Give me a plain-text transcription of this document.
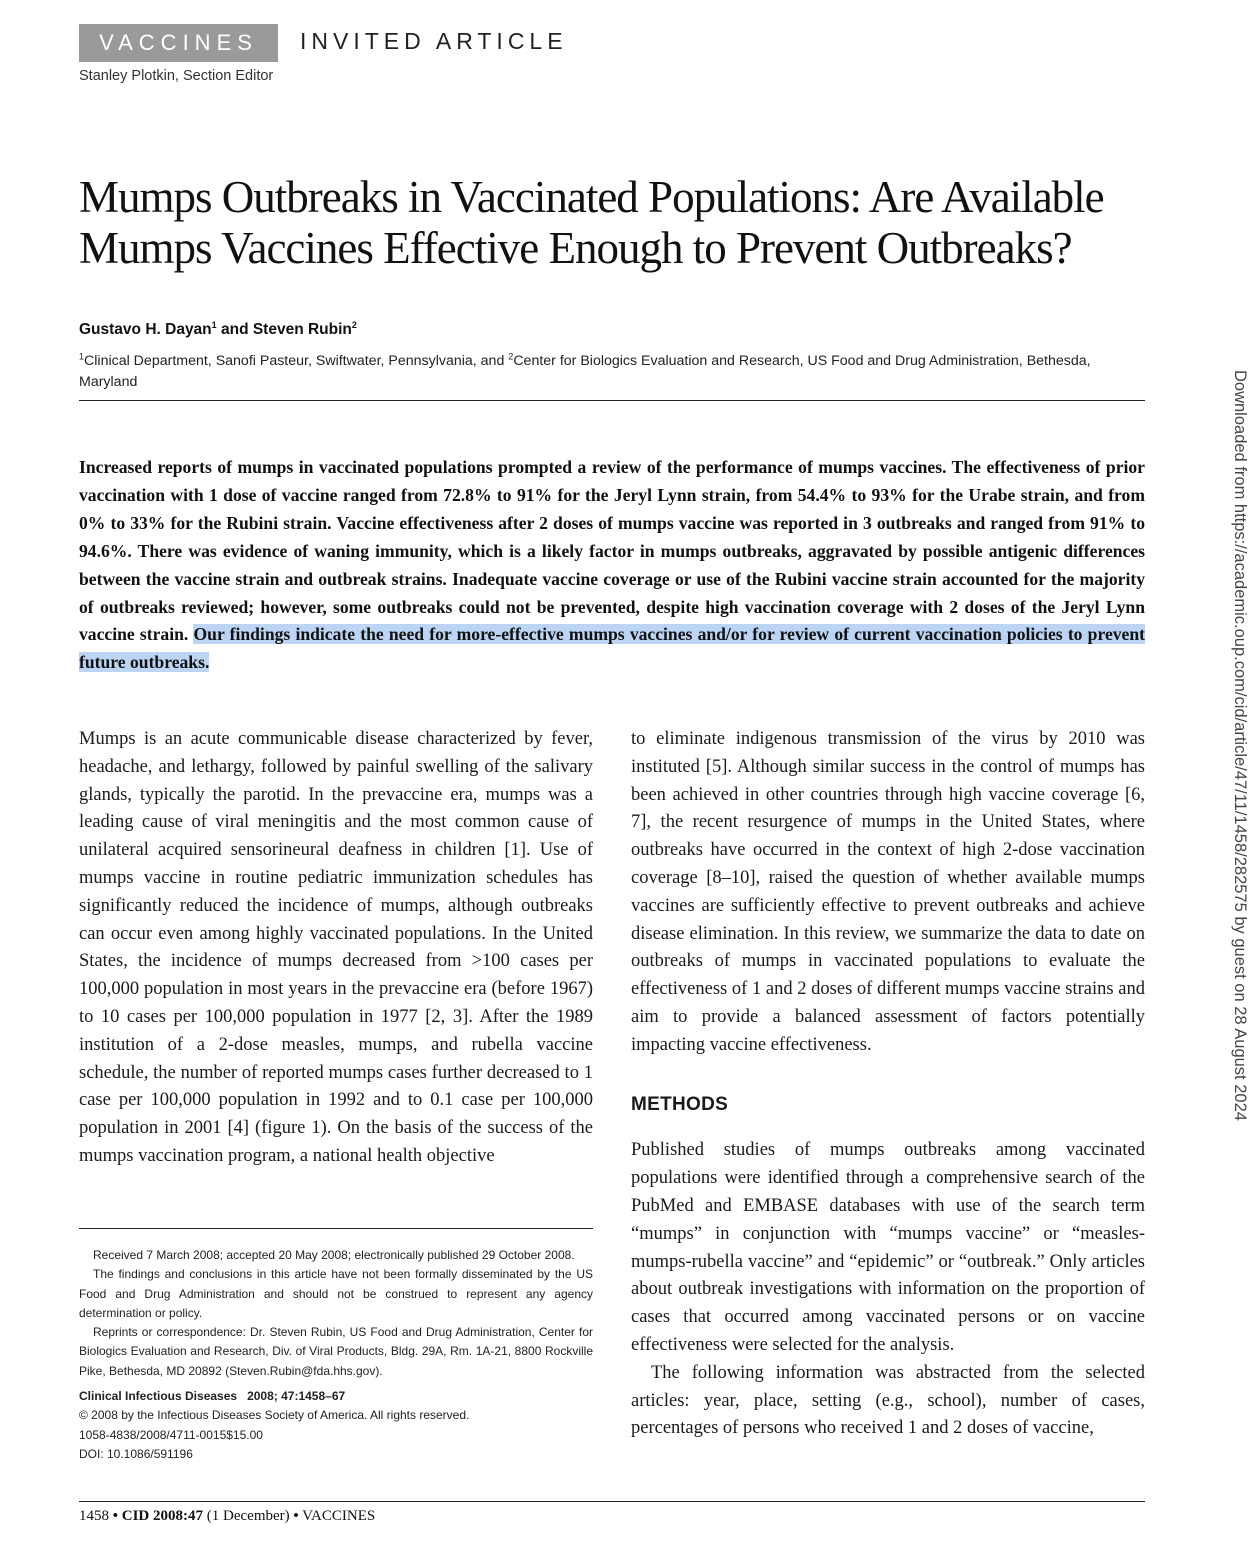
VACCINES	INVITED ARTICLE
Stanley Plotkin, Section Editor
Mumps Outbreaks in Vaccinated Populations: Are Available Mumps Vaccines Effective Enough to Prevent Outbreaks?
Gustavo H. Dayan$^1$ and Steven Rubin$^2$
$^1$Clinical Department, Sanofi Pasteur, Swiftwater, Pennsylvania, and $^2$Center for Biologics Evaluation and Research, US Food and Drug Administration, Bethesda, Maryland
Increased reports of mumps in vaccinated populations prompted a review of the performance of mumps vaccines. The effectiveness of prior vaccination with 1 dose of vaccine ranged from 72.8% to 91% for the Jeryl Lynn strain, from 54.4% to 93% for the Urabe strain, and from 0% to 33% for the Rubini strain. Vaccine effectiveness after 2 doses of mumps vaccine was reported in 3 outbreaks and ranged from 91% to 94.6%. There was evidence of waning immunity, which is a likely factor in mumps outbreaks, aggravated by possible antigenic differences between the vaccine strain and outbreak strains. Inadequate vaccine coverage or use of the Rubini vaccine strain accounted for the majority of outbreaks reviewed; however, some outbreaks could not be prevented, despite high vaccination coverage with 2 doses of the Jeryl Lynn vaccine strain. Our findings indicate the need for more-effective mumps vaccines and/or for review of current vaccination policies to prevent future outbreaks.

Mumps is an acute communicable disease characterized by fever, headache, and lethargy, followed by painful swelling of the salivary glands, typically the parotid. In the prevaccine era, mumps was a leading cause of viral meningitis and the most common cause of unilateral acquired sensorineural deafness in children [1]. Use of mumps vaccine in routine pediatric immunization schedules has significantly reduced the incidence of mumps, although outbreaks can occur even among highly vaccinated populations. In the United States, the incidence of mumps decreased from >100 cases per 100,000 population in most years in the prevaccine era (before 1967) to 10 cases per 100,000 population in 1977 [2, 3]. After the 1989 institution of a 2-dose measles, mumps, and rubella vaccine schedule, the number of reported mumps cases further decreased to 1 case per 100,000 population in 1992 and to 0.1 case per 100,000 population in 2001 [4] (figure 1). On the basis of the success of the mumps vaccination program, a national health objective

to eliminate indigenous transmission of the virus by 2010 was instituted [5]. Although similar success in the control of mumps has been achieved in other countries through high vaccine coverage [6, 7], the recent resurgence of mumps in the United States, where outbreaks have occurred in the context of high 2-dose vaccination coverage [8–10], raised the question of whether available mumps vaccines are sufficiently effective to prevent outbreaks and achieve disease elimination. In this review, we summarize the data to date on outbreaks of mumps in vaccinated populations to evaluate the effectiveness of 1 and 2 doses of different mumps vaccine strains and aim to provide a balanced assessment of factors potentially impacting vaccine effectiveness.

METHODS

Published studies of mumps outbreaks among vaccinated populations were identified through a comprehensive search of the PubMed and EMBASE databases with use of the search term “mumps” in conjunction with “mumps vaccine” or “measles-mumps-rubella vaccine” and “epidemic” or “outbreak.” Only articles about outbreak investigations with information on the proportion of cases that occurred among vaccinated persons or on vaccine effectiveness were selected for the analysis.

The following information was abstracted from the selected articles: year, place, setting (e.g., school), number of cases, percentages of persons who received 1 and 2 doses of vaccine,

Received 7 March 2008; accepted 20 May 2008; electronically published 29 October 2008.

The findings and conclusions in this article have not been formally disseminated by the US Food and Drug Administration and should not be construed to represent any agency determination or policy.

Reprints or correspondence: Dr. Steven Rubin, US Food and Drug Administration, Center for Biologics Evaluation and Research, Div. of Viral Products, Bldg. 29A, Rm. 1A-21, 8800 Rockville Pike, Bethesda, MD 20892 (Steven.Rubin@fda.hhs.gov).

Clinical Infectious Diseases 2008; 47:1458–67

© 2008 by the Infectious Diseases Society of America. All rights reserved.

1058-4838/2008/4711-0015$15.00

DOI: 10.1086/591196

1458 • CID 2008:47 (1 December) • VACCINES
Downloaded from https://academic.oup.com/cid/article/47/11/1458/282575 by guest on 28 August 2024
